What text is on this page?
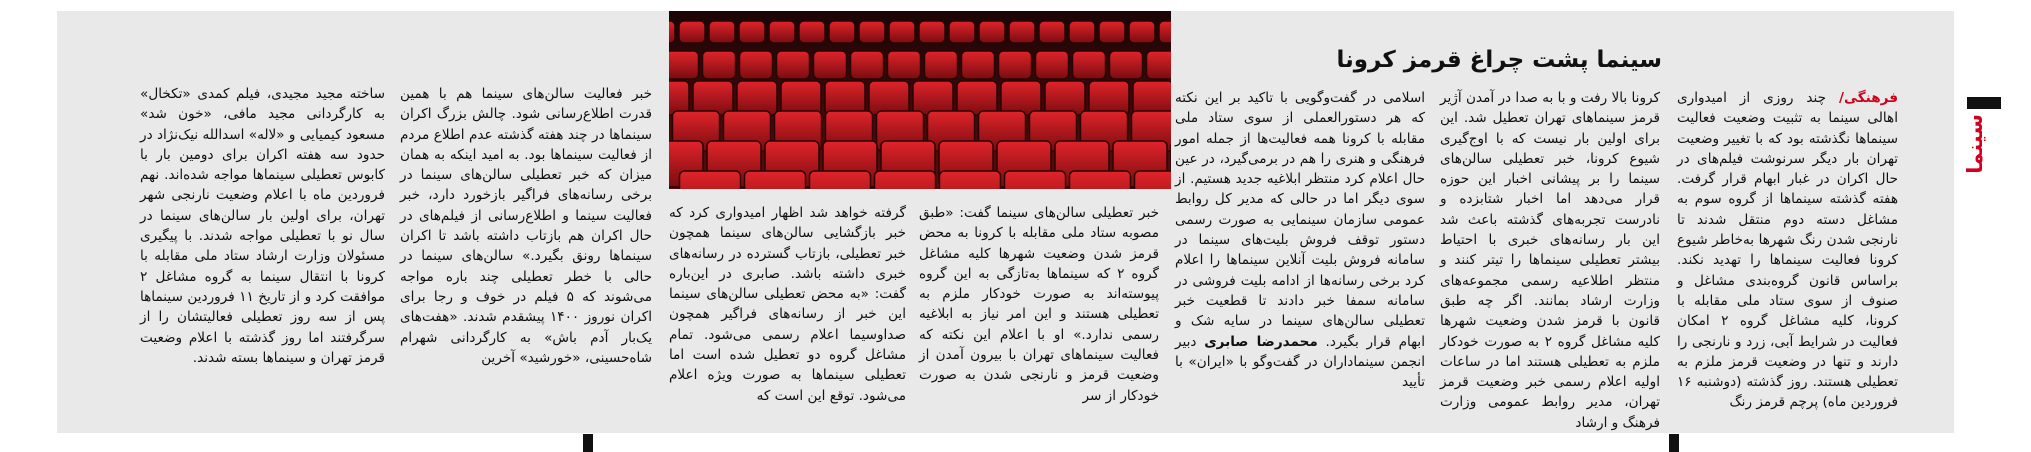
سینما
سینما پشت چراغ قرمز کرونا

فرهنگی/ چند روزی از امیدواری اهالی سینما به تثبیت وضعیت فعالیت سینماها نگذشته بود که با تغییر وضعیت تهران بار دیگر سرنوشت فیلم‌های در حال اکران در غبار ابهام قرار گرفت. هفته گذشته سینماها از گروه سوم به مشاغل دسته دوم منتقل شدند تا نارنجی شدن رنگ شهرها به‌خاطر شیوع کرونا فعالیت سینماها را تهدید نکند. براساس قانون گروه‌بندی مشاغل و صنوف از سوی ستاد ملی مقابله با کرونا، کلیه مشاغل گروه ۲ امکان فعالیت در شرایط آبی، زرد و نارنجی را دارند و تنها در وضعیت قرمز ملزم به تعطیلی هستند. روز گذشته (دوشنبه ۱۶ فروردین ماه) پرچم قرمز رنگ

کرونا بالا رفت و با به صدا در آمدن آژیر قرمز سینماهای تهران تعطیل شد. این برای اولین بار نیست که با اوج‌گیری شیوع کرونا، خبر تعطیلی سالن‌های سینما را بر پیشانی اخبار این حوزه قرار می‌دهد اما اخبار شتابزده و نادرست تجربه‌های گذشته باعث شد این بار رسانه‌های خبری با احتیاط بیشتر تعطیلی سینماها را تیتر کنند و منتظر اطلاعیه رسمی مجموعه‌های وزارت ارشاد بمانند. اگر چه طبق قانون با قرمز شدن وضعیت شهرها کلیه مشاغل گروه ۲ به صورت خودکار ملزم به تعطیلی هستند اما در ساعات اولیه اعلام رسمی خبر وضعیت قرمز تهران، مدیر روابط عمومی وزارت فرهنگ و ارشاد

اسلامی در گفت‌وگویی با تاکید بر این نکته که هر دستورالعملی از سوی ستاد ملی مقابله با کرونا همه فعالیت‌ها از جمله امور فرهنگی و هنری را هم در برمی‌گیرد، در عین حال اعلام کرد منتظر ابلاغیه جدید هستیم. از سوی دیگر اما در حالی که مدیر کل روابط عمومی سازمان سینمایی به صورت رسمی دستور توقف فروش بلیت‌های سینما در سامانه فروش بلیت آنلاین سینماها را اعلام کرد برخی رسانه‌ها از ادامه بلیت فروشی در سامانه سمفا خبر دادند تا قطعیت خبر تعطیلی سالن‌های سینما در سایه شک و ابهام قرار بگیرد. محمدرضا صابری دبیر انجمن سینماداران در گفت‌وگو با «ایران» با تأیید

خبر تعطیلی سالن‌های سینما گفت: «طبق مصوبه ستاد ملی مقابله با کرونا به محض قرمز شدن وضعیت شهرها کلیه مشاغل گروه ۲ که سینماها به‌تازگی به این گروه پیوسته‌اند به صورت خودکار ملزم به تعطیلی هستند و این امر نیاز به ابلاغیه رسمی ندارد.» او با اعلام این نکته که فعالیت سینماهای تهران با بیرون آمدن از وضعیت قرمز و نارنجی شدن به صورت خودکار از سر

گرفته خواهد شد اظهار امیدواری کرد که خبر بازگشایی سالن‌های سینما همچون خبر تعطیلی، بازتاب گسترده در رسانه‌های خبری داشته باشد. صابری در این‌باره گفت: «به محض تعطیلی سالن‌های سینما این خبر از رسانه‌های فراگیر همچون صداوسیما اعلام رسمی می‌شود. تمام مشاغل گروه دو تعطیل شده است اما تعطیلی سینماها به صورت ویژه اعلام می‌شود. توقع این است که

خبر فعالیت سالن‌های سینما هم با همین قدرت اطلاع‌رسانی شود. چالش بزرگ اکران سینماها در چند هفته گذشته عدم اطلاع مردم از فعالیت سینماها بود. به امید اینکه به همان میزان که خبر تعطیلی سالن‌های سینما در برخی رسانه‌های فراگیر بازخورد دارد، خبر فعالیت سینما و اطلاع‌رسانی از فیلم‌های در حال اکران هم بازتاب داشته باشد تا اکران سینماها رونق بگیرد.» سالن‌های سینما در حالی با خطر تعطیلی چند باره مواجه می‌شوند که ۵ فیلم در خوف و رجا برای اکران نوروز ۱۴۰۰ پیشقدم شدند. «هفت‌های یک‌بار آدم باش» به کارگردانی شهرام شاه‌حسینی، «خورشید» آخرین

ساخته مجید مجیدی، فیلم کمدی «تکخال» به کارگردانی مجید مافی، «خون شد» مسعود کیمیایی و «لاله» اسدالله نیک‌نژاد در حدود سه هفته اکران برای دومین بار با کابوس تعطیلی سینماها مواجه شده‌اند. نهم فروردین ماه با اعلام وضعیت نارنجی شهر تهران، برای اولین بار سالن‌های سینما در سال نو با تعطیلی مواجه شدند. با پیگیری مسئولان وزارت ارشاد ستاد ملی مقابله با کرونا با انتقال سینما به گروه مشاغل ۲ موافقت کرد و از تاریخ ۱۱ فروردین سینماها پس از سه روز تعطیلی فعالیتشان را از سرگرفتند اما روز گذشته با اعلام وضعیت قرمز تهران و سینماها بسته شدند.
